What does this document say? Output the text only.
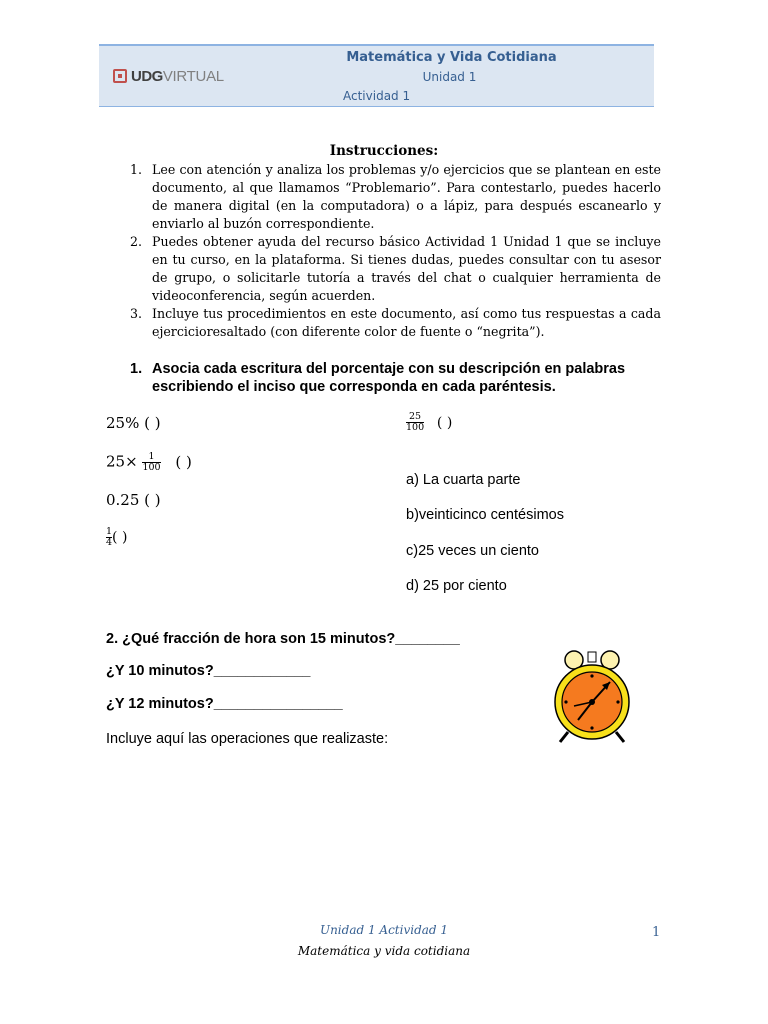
UDG VIRTUAL
Matemática y Vida Cotidiana
Unidad 1
Actividad 1
Instrucciones:
1. Lee con atención y analiza los problemas y/o ejercicios que se plantean en este documento, al que llamamos “Problemario”. Para contestarlo, puedes hacerlo de manera digital (en la computadora) o a lápiz, para después escanearlo y enviarlo al buzón correspondiente.
2. Puedes obtener ayuda del recurso básico Actividad 1 Unidad 1 que se incluye en tu curso, en la plataforma. Si tienes dudas, puedes consultar con tu asesor de grupo, o solicitarle tutoría a través del chat o cualquier herramienta de videoconferencia, según acuerden.
3. Incluye tus procedimientos en este documento, así como tus respuestas a cada ejercicioresaltado (con diferente color de fuente o “negrita”).
1. Asocia cada escritura del porcentaje con su descripción en palabras escribiendo el inciso que corresponda en cada paréntesis.
25% ( )
$25\times \frac{1}{100}$ ( )
0.25 ( )
$\frac{1}{4}$ ( )
$\frac{25}{100}$ ( )
a) La cuarta parte
b)veinticinco centésimos
c)25 veces un ciento
d) 25 por ciento
2. ¿Qué fracción de hora son 15 minutos?________
¿Y 10 minutos?____________
¿Y 12 minutos?________________
Incluye aquí las operaciones que realizaste:
Unidad 1 Actividad 1
Matemática y vida cotidiana
1
